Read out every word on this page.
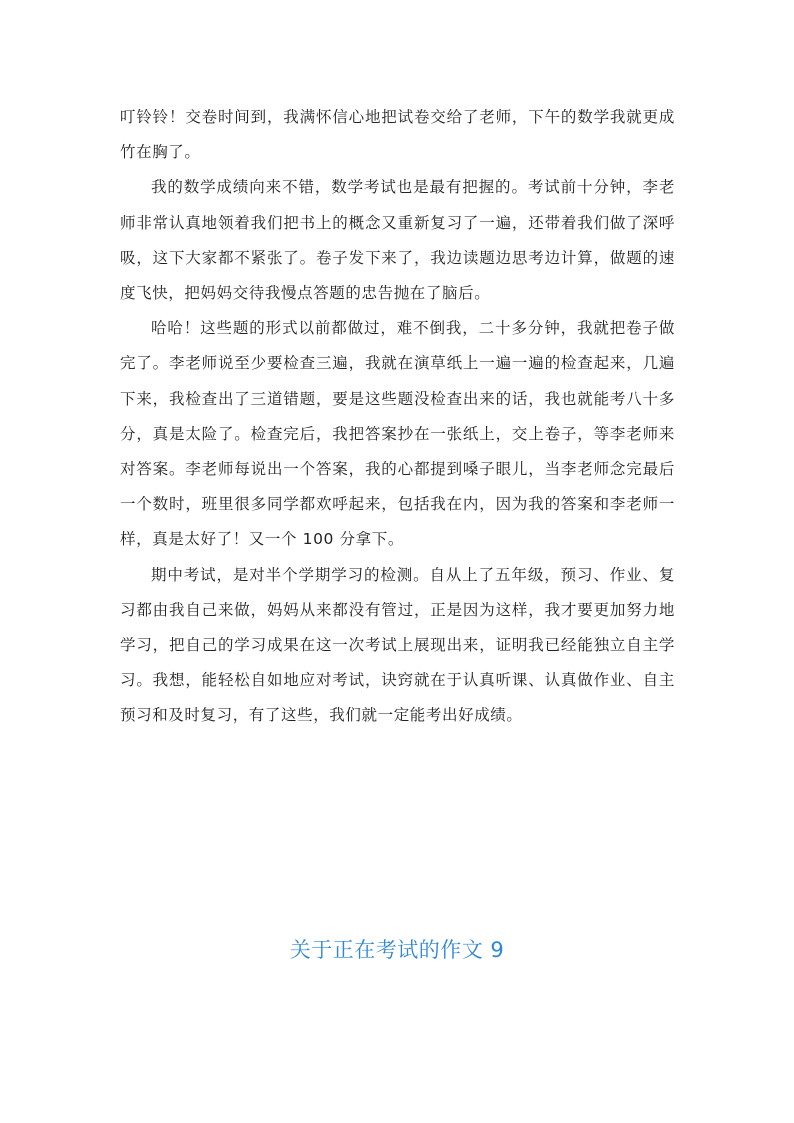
叮铃铃！交卷时间到，我满怀信心地把试卷交给了老师，下午的数学我就更成竹在胸了。

我的数学成绩向来不错，数学考试也是最有把握的。考试前十分钟，李老师非常认真地领着我们把书上的概念又重新复习了一遍，还带着我们做了深呼吸，这下大家都不紧张了。卷子发下来了，我边读题边思考边计算，做题的速度飞快，把妈妈交待我慢点答题的忠告抛在了脑后。

哈哈！这些题的形式以前都做过，难不倒我，二十多分钟，我就把卷子做完了。李老师说至少要检查三遍，我就在演草纸上一遍一遍的检查起来，几遍下来，我检查出了三道错题，要是这些题没检查出来的话，我也就能考八十多分，真是太险了。检查完后，我把答案抄在一张纸上，交上卷子，等李老师来对答案。李老师每说出一个答案，我的心都提到嗓子眼儿，当李老师念完最后一个数时，班里很多同学都欢呼起来，包括我在内，因为我的答案和李老师一样，真是太好了！又一个 100 分拿下。

期中考试，是对半个学期学习的检测。自从上了五年级，预习、作业、复习都由我自己来做，妈妈从来都没有管过，正是因为这样，我才要更加努力地学习，把自己的学习成果在这一次考试上展现出来，证明我已经能独立自主学习。我想，能轻松自如地应对考试，诀窍就在于认真听课、认真做作业、自主预习和及时复习，有了这些，我们就一定能考出好成绩。

关于正在考试的作文 9
